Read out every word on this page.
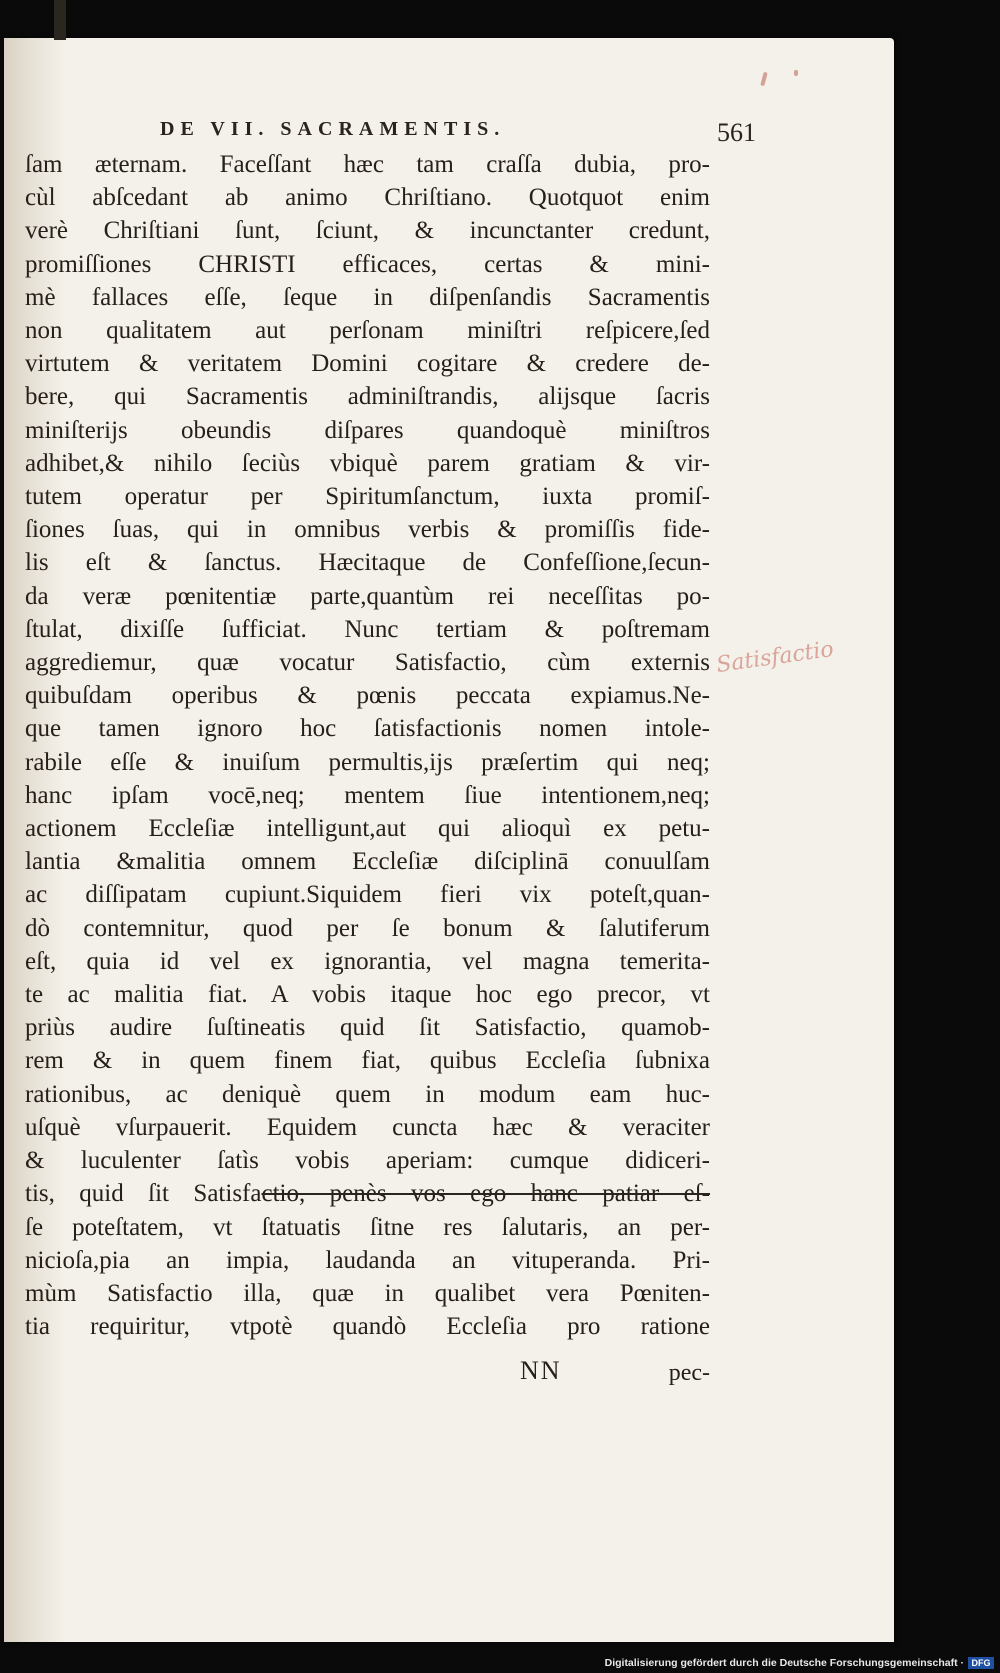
DE VII. SACRAMENTIS.	561
ſam æternam. Faceſſant hæc tam craſſa dubia, pro-
cùl abſcedant ab animo Chriſtiano. Quotquot enim
verè Chriſtiani ſunt, ſciunt, & incunctanter credunt,
promiſſiones CHRISTI efficaces, certas & mini-
mè fallaces eſſe, ſeque in diſpenſandis Sacramentis
non qualitatem aut perſonam miniſtri reſpicere,ſed
virtutem & veritatem Domini cogitare & credere de-
bere, qui Sacramentis adminiſtrandis, alijsque ſacris
miniſterijs obeundis diſpares quandoquè miniſtros
adhibet,& nihilo ſeciùs vbiquè parem gratiam & vir-
tutem operatur per Spiritumſanctum, iuxta promiſ-
ſiones ſuas, qui in omnibus verbis & promiſſis fide-
lis eſt & ſanctus. Hæcitaque de Confeſſione,ſecun-
da veræ pœnitentiæ parte,quantùm rei neceſſitas po-
ſtulat, dixiſſe ſufficiat. Nunc tertiam & poſtremam
aggrediemur, quæ vocatur Satisfactio, cùm externis
quibuſdam operibus & pœnis peccata expiamus.Ne-
que tamen ignoro hoc ſatisfactionis nomen intole-
rabile eſſe & inuiſum permultis,ijs præſertim qui neq;
hanc ipſam vocē,neq; mentem ſiue intentionem,neq;
actionem Eccleſiæ intelligunt,aut qui alioquì ex petu-
lantia &malitia omnem Eccleſiæ diſciplinā conuulſam
ac diſſipatam cupiunt.Siquidem fieri vix poteſt,quan-
dò contemnitur, quod per ſe bonum & ſalutiferum
eſt, quia id vel ex ignorantia, vel magna temerita-
te ac malitia fiat. A vobis itaque hoc ego precor, vt
priùs audire ſuſtineatis quid ſit Satisfactio, quamob-
rem & in quem finem fiat, quibus Eccleſia ſubnixa
rationibus, ac deniquè quem in modum eam huc-
uſquè vſurpauerit. Equidem cuncta hæc & veraciter
& luculenter ſatìs vobis aperiam: cumque didiceri-
tis, quid ſit Satisfactio, penès vos ego hanc patiar eſ-
ſe poteſtatem, vt ſtatuatis ſitne res ſalutaris, an per-
nicioſa,pia an impia, laudanda an vituperanda. Pri-
mùm Satisfactio illa, quæ in qualibet vera Pœniten-
tia requiritur, vtpotè quandò Eccleſia pro ratione
NN	pec-
Satisfactio
Digitalisierung gefördert durch die Deutsche Forschungsgemeinschaft · DFG
